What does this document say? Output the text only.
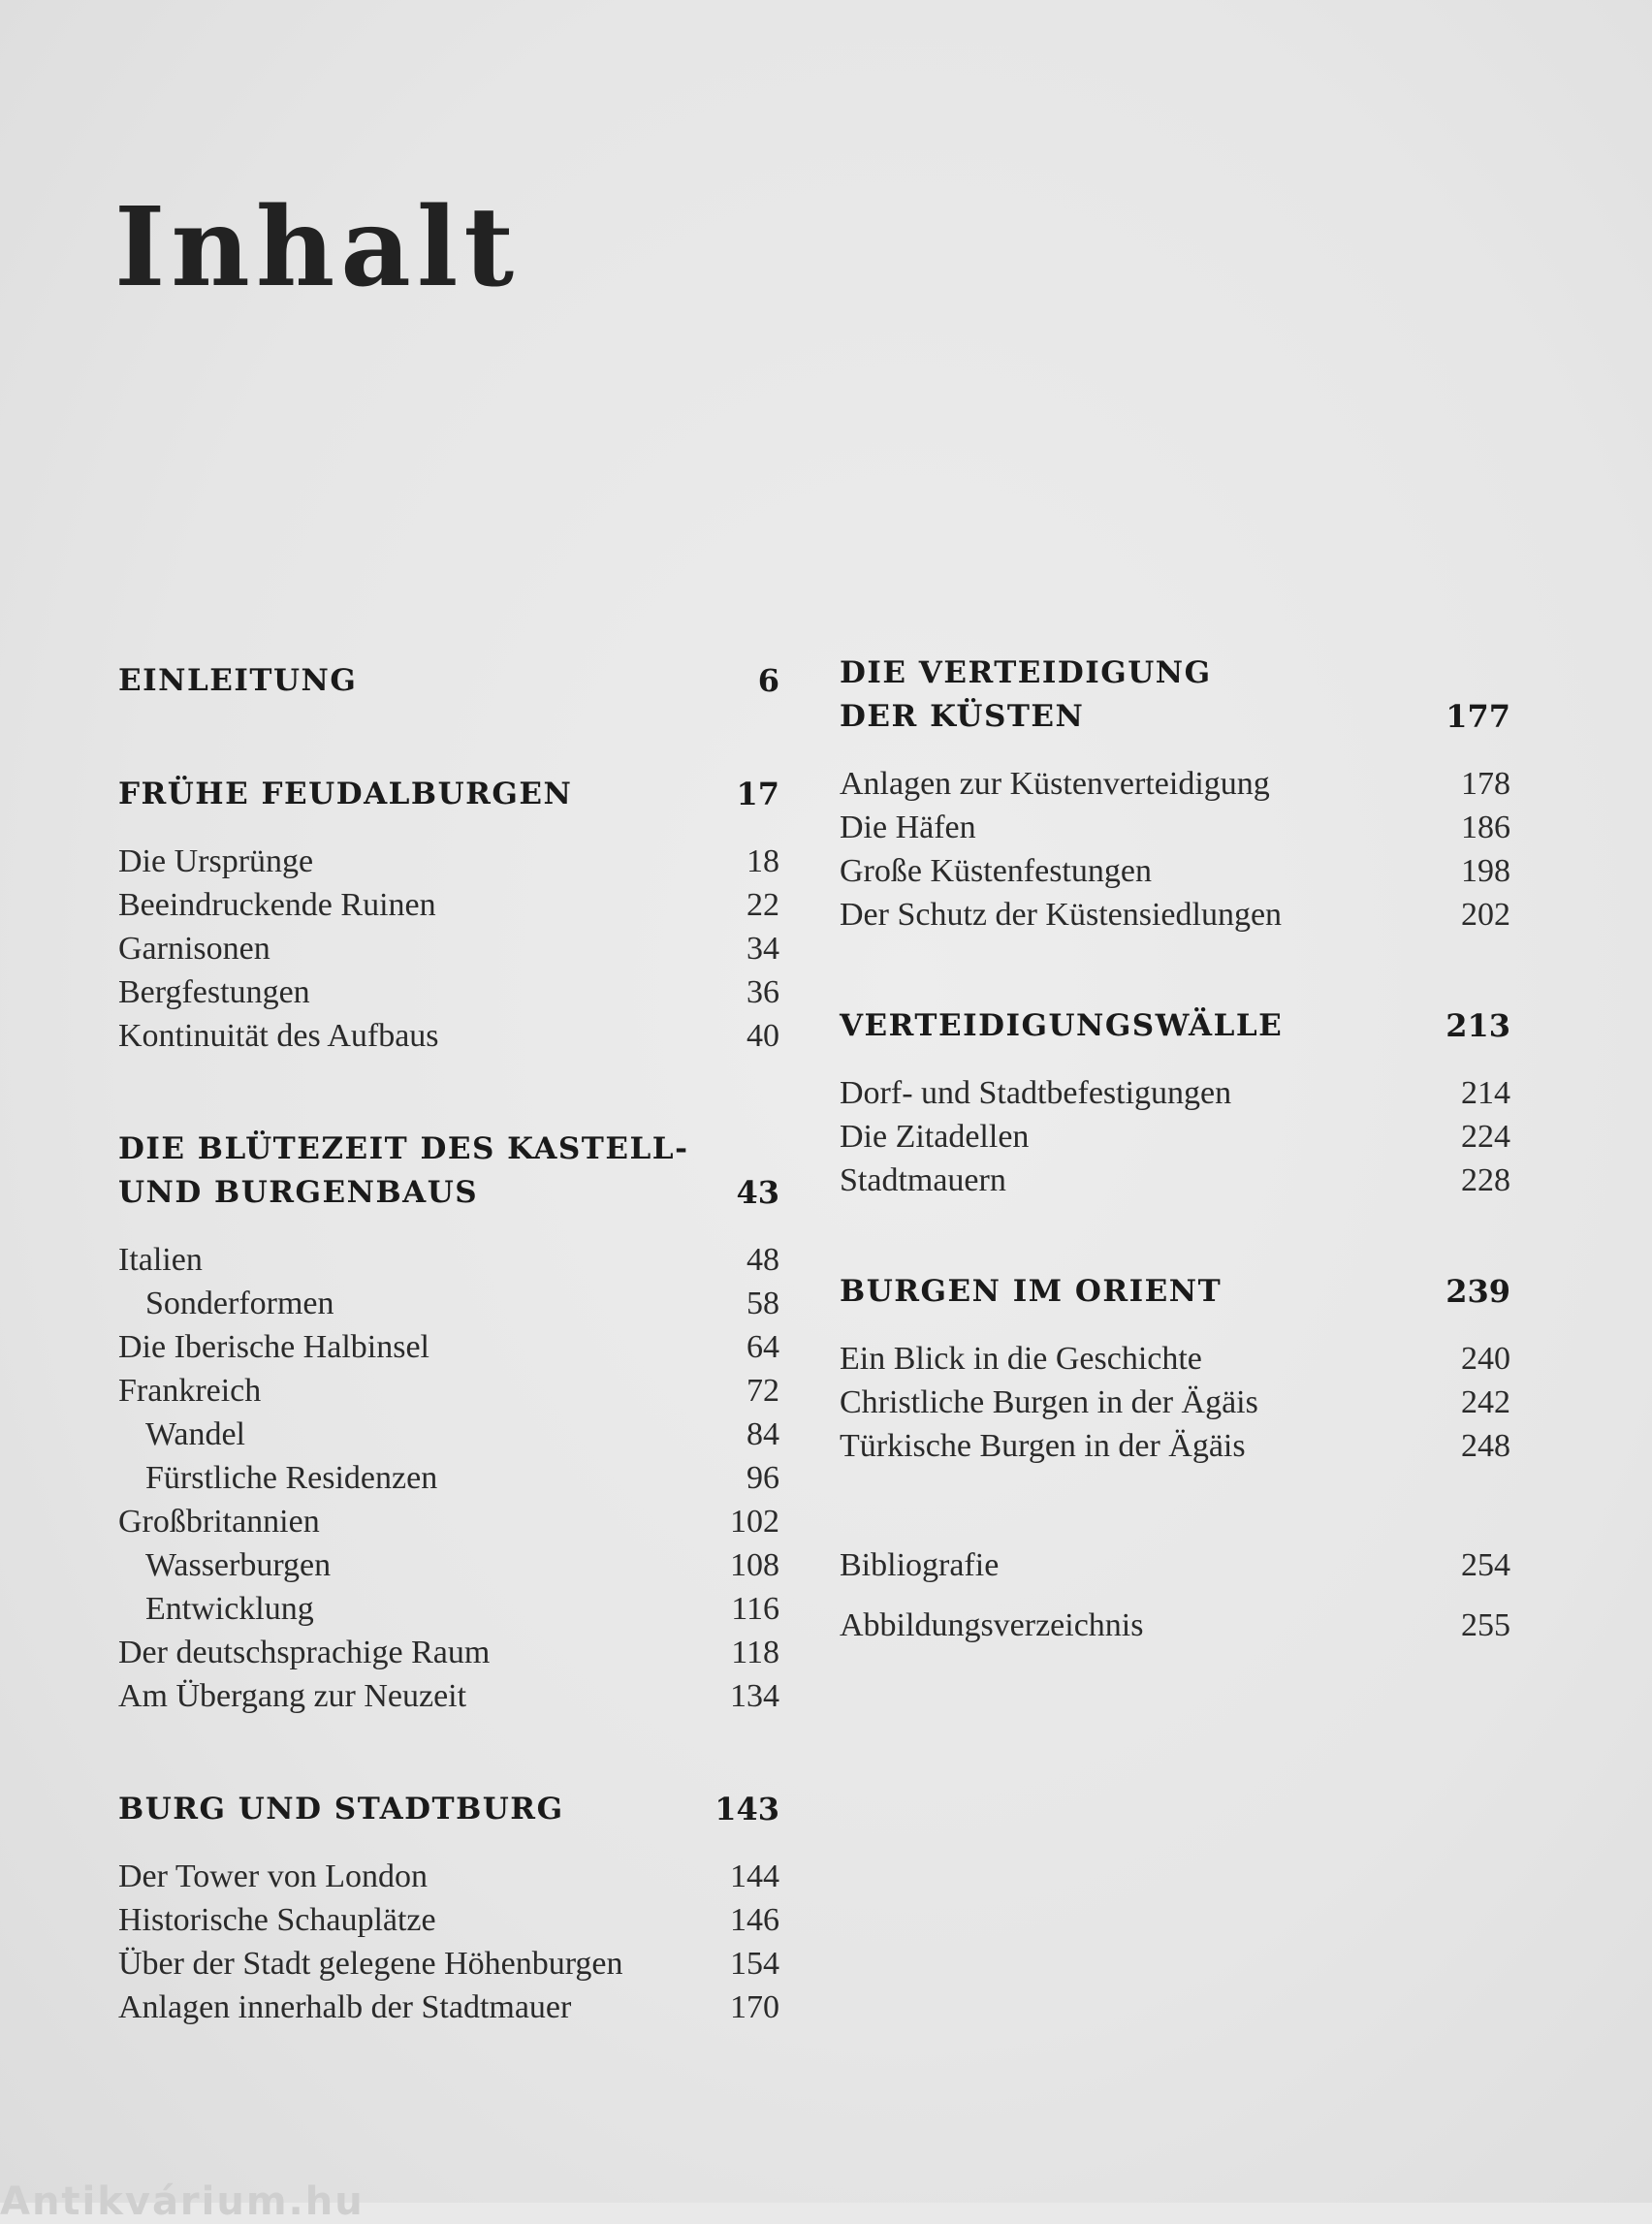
Inhalt
EINLEITUNG	6
FRÜHE FEUDALBURGEN	17
Die Ursprünge	18
Beeindruckende Ruinen	22
Garnisonen	34
Bergfestungen	36
Kontinuität des Aufbaus	40
DIE BLÜTEZEIT DES KASTELL-
UND BURGENBAUS	43
Italien	48
Sonderformen	58
Die Iberische Halbinsel	64
Frankreich	72
Wandel	84
Fürstliche Residenzen	96
Großbritannien	102
Wasserburgen	108
Entwicklung	116
Der deutschsprachige Raum	118
Am Übergang zur Neuzeit	134
BURG UND STADTBURG	143
Der Tower von London	144
Historische Schauplätze	146
Über der Stadt gelegene Höhenburgen	154
Anlagen innerhalb der Stadtmauer	170
DIE VERTEIDIGUNG
DER KÜSTEN	177
Anlagen zur Küstenverteidigung	178
Die Häfen	186
Große Küstenfestungen	198
Der Schutz der Küstensiedlungen	202
VERTEIDIGUNGSWÄLLE	213
Dorf- und Stadtbefestigungen	214
Die Zitadellen	224
Stadtmauern	228
BURGEN IM ORIENT	239
Ein Blick in die Geschichte	240
Christliche Burgen in der Ägäis	242
Türkische Burgen in der Ägäis	248
Bibliografie	254
Abbildungsverzeichnis	255
Antikvárium.hu
